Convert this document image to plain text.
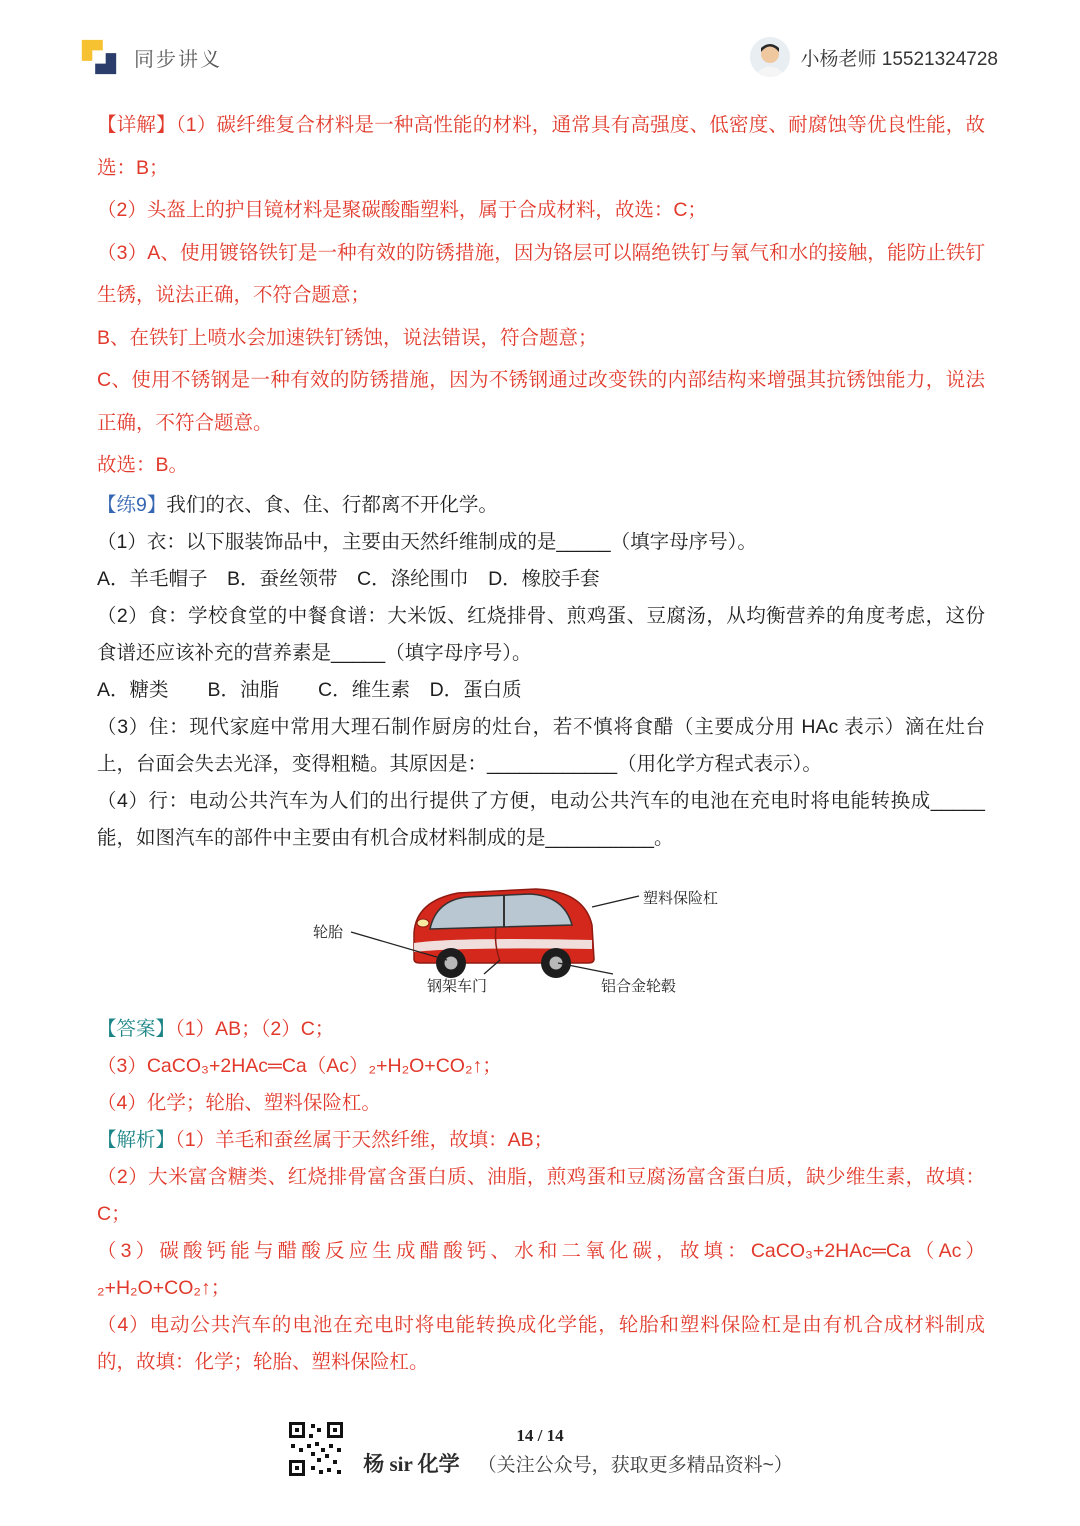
同步讲义	小杨老师 15521324728

【详解】（1）碳纤维复合材料是一种高性能的材料，通常具有高强度、低密度、耐腐蚀等优良性能，故选：B；

（2）头盔上的护目镜材料是聚碳酸酯塑料，属于合成材料，故选：C；

（3）A、使用镀铬铁钉是一种有效的防锈措施，因为铬层可以隔绝铁钉与氧气和水的接触，能防止铁钉生锈，说法正确，不符合题意；

B、在铁钉上喷水会加速铁钉锈蚀，说法错误，符合题意；

C、使用不锈钢是一种有效的防锈措施，因为不锈钢通过改变铁的内部结构来增强其抗锈蚀能力，说法正确，不符合题意。

故选：B。

【练9】我们的衣、食、住、行都离不开化学。

（1）衣：以下服装饰品中，主要由天然纤维制成的是_____（填字母序号）。

A．羊毛帽子　B．蚕丝领带　C．涤纶围巾　D．橡胶手套

（2）食：学校食堂的中餐食谱：大米饭、红烧排骨、煎鸡蛋、豆腐汤，从均衡营养的角度考虑，这份食谱还应该补充的营养素是_____（填字母序号）。

A．糖类　　B．油脂　　C．维生素　D．蛋白质

（3）住：现代家庭中常用大理石制作厨房的灶台，若不慎将食醋（主要成分用 HAc 表示）滴在灶台上，台面会失去光泽，变得粗糙。其原因是：____________（用化学方程式表示）。

（4）行：电动公共汽车为人们的出行提供了方便，电动公共汽车的电池在充电时将电能转换成_____能，如图汽车的部件中主要由有机合成材料制成的是__________。

塑料保险杠
轮胎
钢架车门	铝合金轮毂

【答案】（1）AB；（2）C；

（3）CaCO₃+2HAc═Ca（Ac）₂+H₂O+CO₂↑；

（4）化学；轮胎、塑料保险杠。

【解析】（1）羊毛和蚕丝属于天然纤维，故填：AB；

（2）大米富含糖类、红烧排骨富含蛋白质、油脂，煎鸡蛋和豆腐汤富含蛋白质，缺少维生素，故填：C；

（3）碳酸钙能与醋酸反应生成醋酸钙、水和二氧化碳，故填：CaCO₃+2HAc═Ca（Ac）₂+H₂O+CO₂↑；

（4）电动公共汽车的电池在充电时将电能转换成化学能，轮胎和塑料保险杠是由有机合成材料制成的，故填：化学；轮胎、塑料保险杠。

14 / 14
杨 sir 化学 （关注公众号，获取更多精品资料~）
